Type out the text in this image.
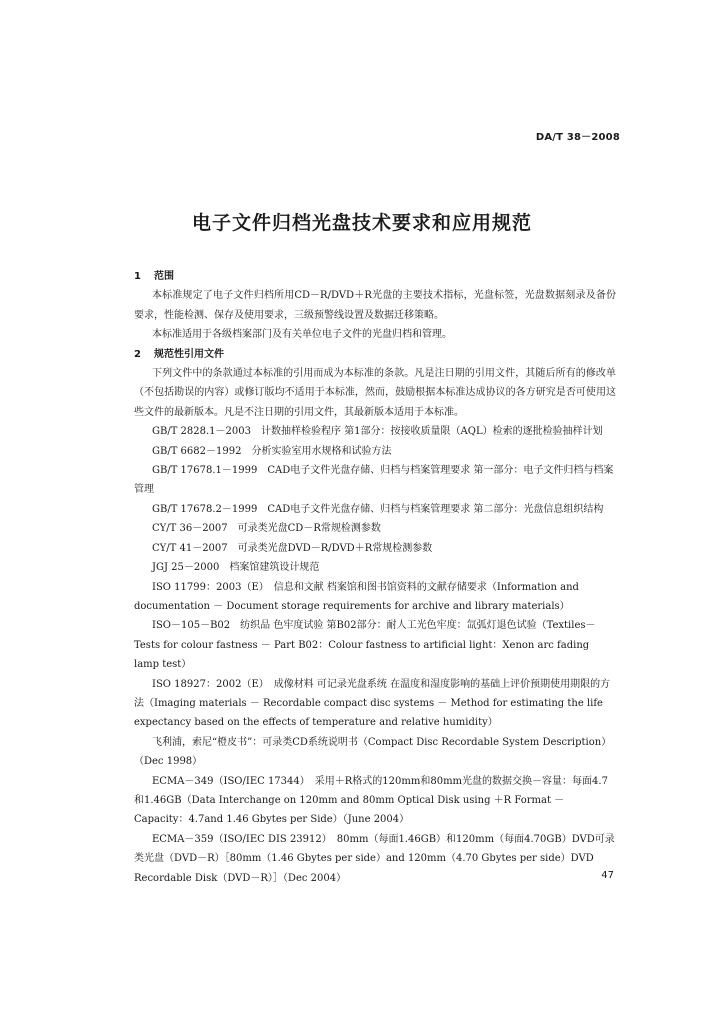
DA/T 38－2008
电子文件归档光盘技术要求和应用规范
1 范围

本标准规定了电子文件归档所用CD－R/DVD＋R光盘的主要技术指标，光盘标签，光盘数据刻录及备份要求，性能检测、保存及使用要求，三级预警线设置及数据迁移策略。

本标准适用于各级档案部门及有关单位电子文件的光盘归档和管理。

2 规范性引用文件

下列文件中的条款通过本标准的引用而成为本标准的条款。凡是注日期的引用文件，其随后所有的修改单（不包括勘误的内容）或修订版均不适用于本标准，然而，鼓励根据本标准达成协议的各方研究是否可使用这些文件的最新版本。凡是不注日期的引用文件，其最新版本适用于本标准。

GB/T 2828.1－2003　计数抽样检验程序 第1部分：按接收质量限（AQL）检索的逐批检验抽样计划

GB/T 6682－1992　分析实验室用水规格和试验方法

GB/T 17678.1－1999　CAD电子文件光盘存储、归档与档案管理要求 第一部分：电子文件归档与档案管理

GB/T 17678.2－1999　CAD电子文件光盘存储、归档与档案管理要求 第二部分：光盘信息组织结构

CY/T 36－2007　可录类光盘CD－R常规检测参数

CY/T 41－2007　可录类光盘DVD－R/DVD＋R常规检测参数

JGJ 25－2000　档案馆建筑设计规范

ISO 11799：2003（E）　信息和文献 档案馆和图书馆资料的文献存储要求（Information and documentation － Document storage requirements for archive and library materials）

ISO－105－B02　纺织品 色牢度试验 第B02部分：耐人工光色牢度：氙弧灯退色试验（Textiles－Tests for colour fastness － Part B02：Colour fastness to artificial light：Xenon arc fading lamp test）

ISO 18927：2002（E）　成像材料 可记录光盘系统 在温度和湿度影响的基础上评价预期使用期限的方法（Imaging materials － Recordable compact disc systems － Method for estimating the life expectancy based on the effects of temperature and relative humidity）

飞利浦，索尼“橙皮书”：可录类CD系统说明书（Compact Disc Recordable System Description）（Dec 1998）

ECMA－349（ISO/IEC 17344）　采用＋R格式的120mm和80mm光盘的数据交换－容量：每面4.7和1.46GB（Data Interchange on 120mm and 80mm Optical Disk using ＋R Format － Capacity：4.7and 1.46 Gbytes per Side）（June 2004）

ECMA－359（ISO/IEC DIS 23912）　80mm（每面1.46GB）和120mm（每面4.70GB）DVD可录类光盘（DVD－R）［80mm（1.46 Gbytes per side）and 120mm（4.70 Gbytes per side）DVD Recordable Disk（DVD－R）］（Dec 2004）	47
